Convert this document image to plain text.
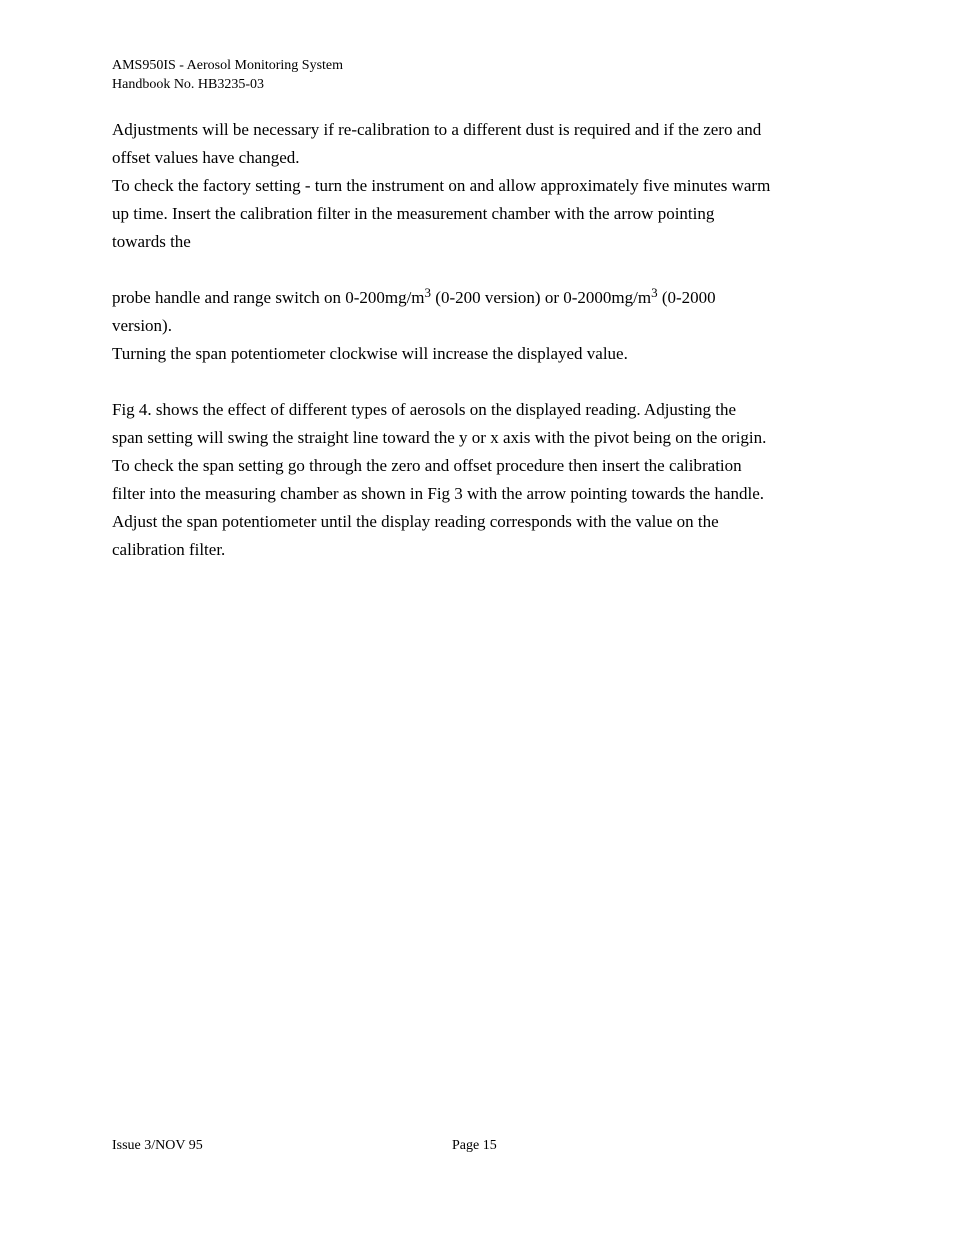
AMS950IS - Aerosol Monitoring System
Handbook No. HB3235-03

Adjustments will be necessary if re-calibration to a different dust is required and if the zero and

offset values have changed.

To check the factory setting - turn the instrument on and allow approximately five minutes warm

up time. Insert the calibration filter in the measurement chamber with the arrow pointing

towards the

probe handle and range switch on $0-200mg/m^3$ (0-200 version) or $0-2000mg/m^3$ (0-2000

version).

Turning the span potentiometer clockwise will increase the displayed value.

Fig 4. shows the effect of different types of aerosols on the displayed reading. Adjusting the

span setting will swing the straight line toward the y or x axis with the pivot being on the origin.

To check the span setting go through the zero and offset procedure then insert the calibration

filter into the measuring chamber as shown in Fig 3 with the arrow pointing towards the handle.

Adjust the span potentiometer until the display reading corresponds with the value on the

calibration filter.

Issue 3/NOV 95	Page 15
